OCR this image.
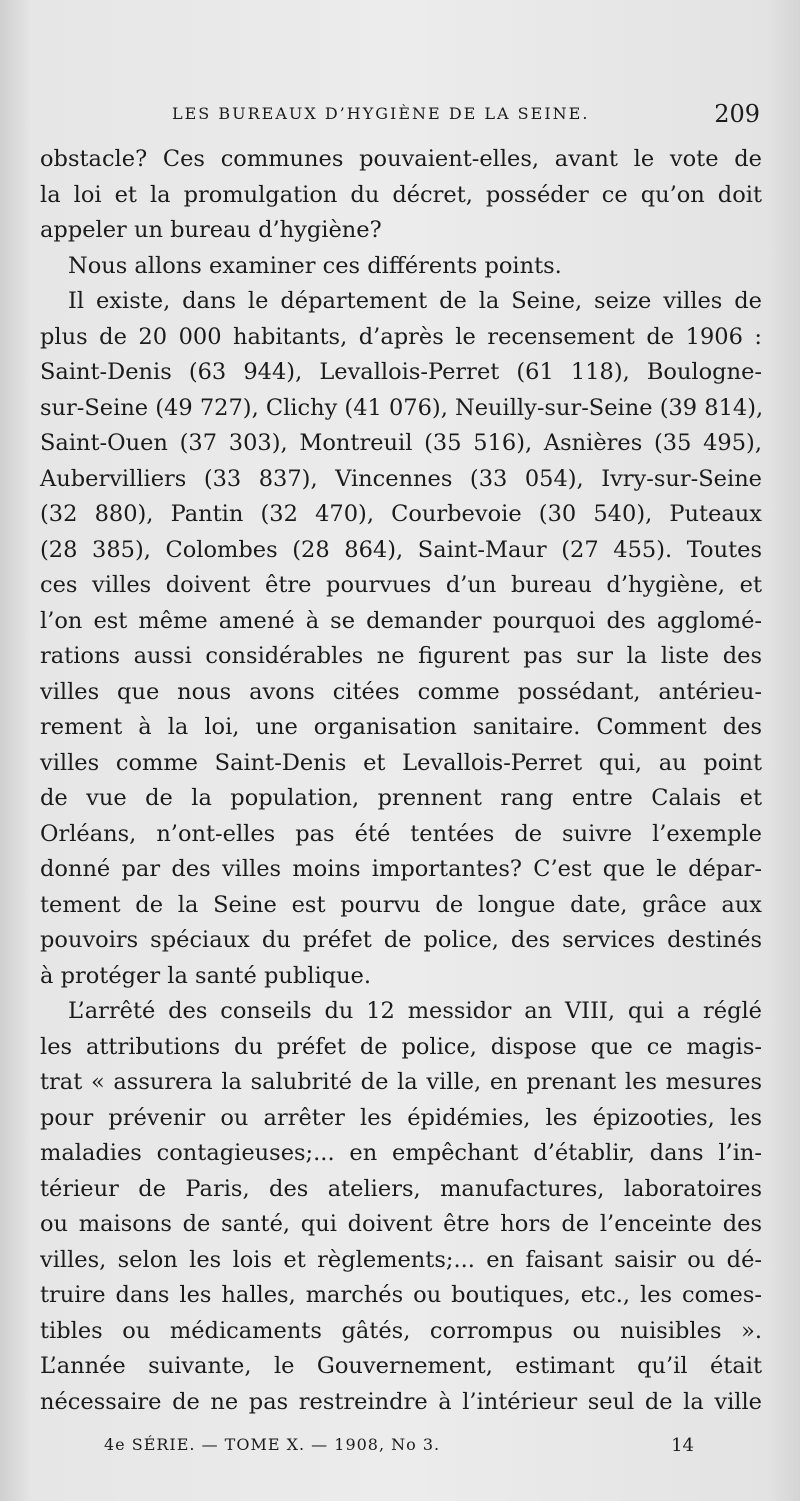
LES BUREAUX D’HYGIÈNE DE LA SEINE.	209
obstacle? Ces communes pouvaient-elles, avant le vote de
la loi et la promulgation du décret, posséder ce qu’on doit
appeler un bureau d’hygiène?
Nous allons examiner ces différents points.
Il existe, dans le département de la Seine, seize villes de
plus de 20 000 habitants, d’après le recensement de 1906 :
Saint-Denis (63 944), Levallois-Perret (61 118), Boulogne-
sur-Seine (49 727), Clichy (41 076), Neuilly-sur-Seine (39 814),
Saint-Ouen (37 303), Montreuil (35 516), Asnières (35 495),
Aubervilliers (33 837), Vincennes (33 054), Ivry-sur-Seine
(32 880), Pantin (32 470), Courbevoie (30 540), Puteaux
(28 385), Colombes (28 864), Saint-Maur (27 455). Toutes
ces villes doivent être pourvues d’un bureau d’hygiène, et
l’on est même amené à se demander pourquoi des agglomé-
rations aussi considérables ne figurent pas sur la liste des
villes que nous avons citées comme possédant, antérieu-
rement à la loi, une organisation sanitaire. Comment des
villes comme Saint-Denis et Levallois-Perret qui, au point
de vue de la population, prennent rang entre Calais et
Orléans, n’ont-elles pas été tentées de suivre l’exemple
donné par des villes moins importantes? C’est que le dépar-
tement de la Seine est pourvu de longue date, grâce aux
pouvoirs spéciaux du préfet de police, des services destinés
à protéger la santé publique.
L’arrêté des conseils du 12 messidor an VIII, qui a réglé
les attributions du préfet de police, dispose que ce magis-
trat « assurera la salubrité de la ville, en prenant les mesures
pour prévenir ou arrêter les épidémies, les épizooties, les
maladies contagieuses;... en empêchant d’établir, dans l’in-
térieur de Paris, des ateliers, manufactures, laboratoires
ou maisons de santé, qui doivent être hors de l’enceinte des
villes, selon les lois et règlements;... en faisant saisir ou dé-
truire dans les halles, marchés ou boutiques, etc., les comes-
tibles ou médicaments gâtés, corrompus ou nuisibles ».
L’année suivante, le Gouvernement, estimant qu’il était
nécessaire de ne pas restreindre à l’intérieur seul de la ville
4e SÉRIE. — TOME X. — 1908, No 3.	14
